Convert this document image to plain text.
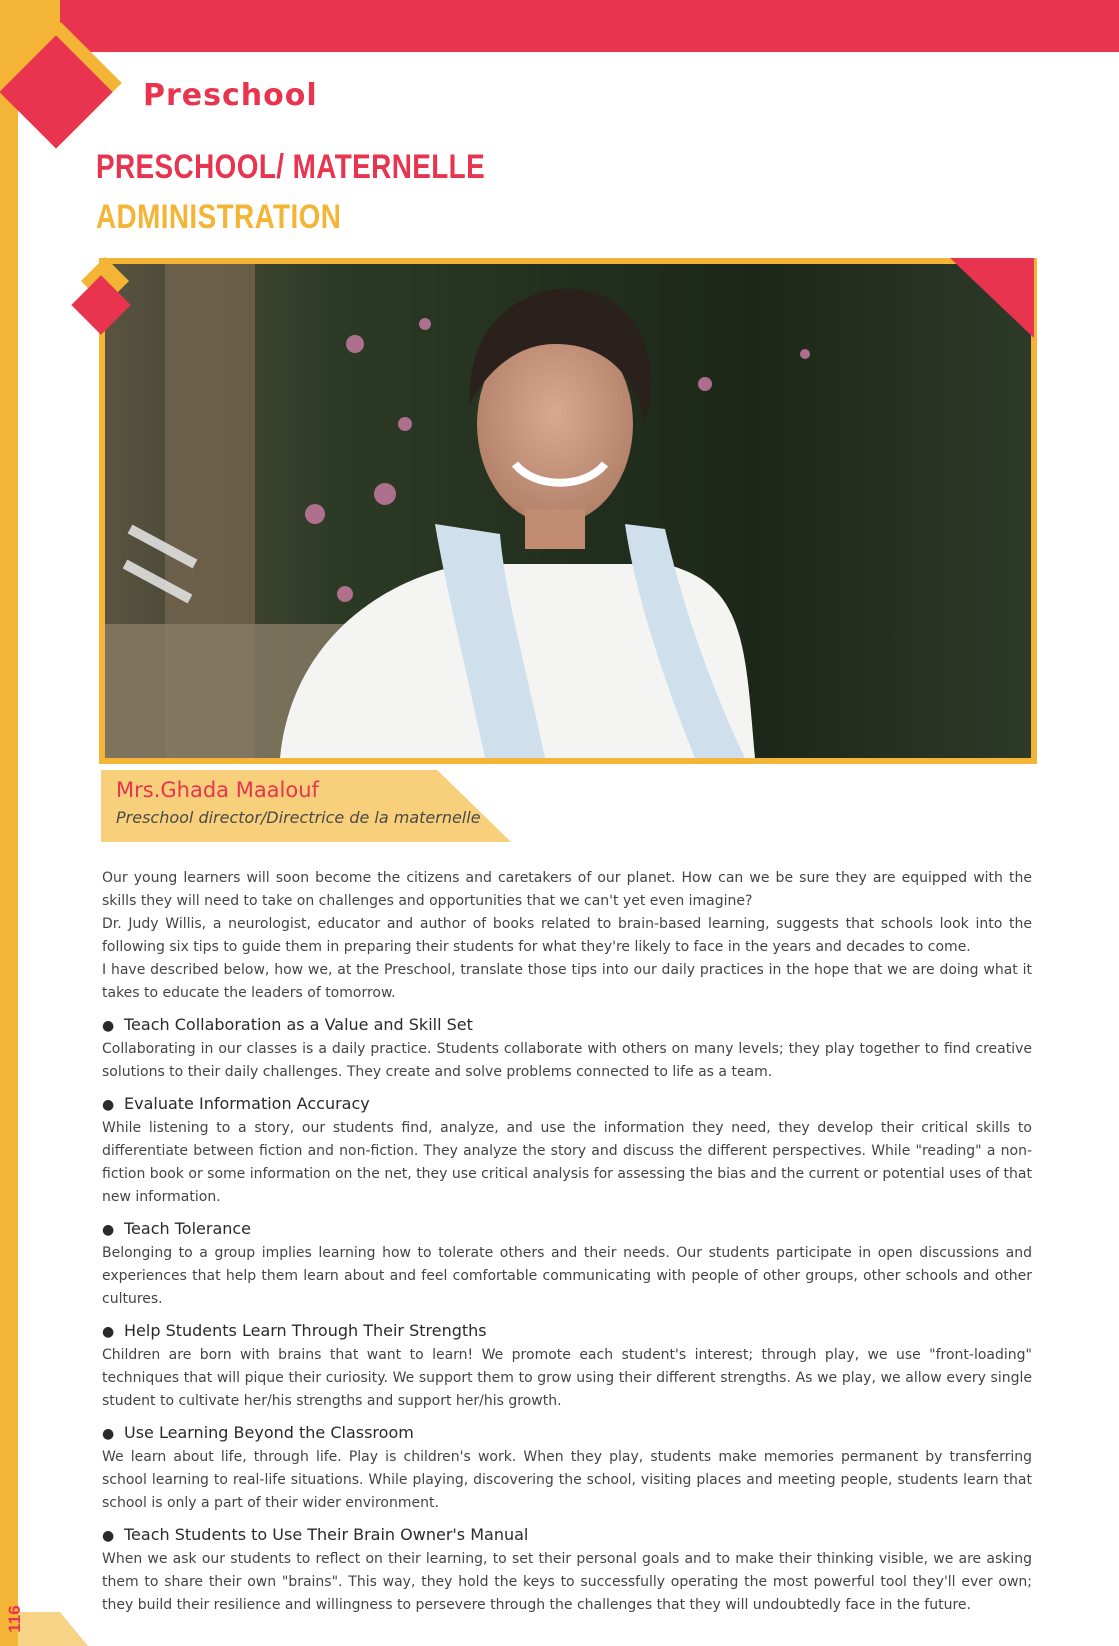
Preschool
PRESCHOOL/ MATERNELLE
ADMINISTRATION
Mrs.Ghada Maalouf
Preschool director/Directrice de la maternelle

Our young learners will soon become the citizens and caretakers of our planet. How can we be sure they are equipped with the skills they will need to take on challenges and opportunities that we can't yet even imagine?

Dr. Judy Willis, a neurologist, educator and author of books related to brain-based learning, suggests that schools look into the following six tips to guide them in preparing their students for what they're likely to face in the years and decades to come.

I have described below, how we, at the Preschool, translate those tips into our daily practices in the hope that we are doing what it takes to educate the leaders of tomorrow.

● Teach Collaboration as a Value and Skill Set

Collaborating in our classes is a daily practice. Students collaborate with others on many levels; they play together to find creative solutions to their daily challenges. They create and solve problems connected to life as a team.

● Evaluate Information Accuracy

While listening to a story, our students find, analyze, and use the information they need, they develop their critical skills to differentiate between fiction and non-fiction. They analyze the story and discuss the different perspectives. While "reading" a non-fiction book or some information on the net, they use critical analysis for assessing the bias and the current or potential uses of that new information.

● Teach Tolerance

Belonging to a group implies learning how to tolerate others and their needs. Our students participate in open discussions and experiences that help them learn about and feel comfortable communicating with people of other groups, other schools and other cultures.

● Help Students Learn Through Their Strengths

Children are born with brains that want to learn! We promote each student's interest; through play, we use "front-loading" techniques that will pique their curiosity. We support them to grow using their different strengths. As we play, we allow every single student to cultivate her/his strengths and support her/his growth.

● Use Learning Beyond the Classroom

We learn about life, through life. Play is children's work. When they play, students make memories permanent by transferring school learning to real-life situations. While playing, discovering the school, visiting places and meeting people, students learn that school is only a part of their wider environment.

● Teach Students to Use Their Brain Owner's Manual

When we ask our students to reflect on their learning, to set their personal goals and to make their thinking visible, we are asking them to share their own "brains". This way, they hold the keys to successfully operating the most powerful tool they'll ever own; they build their resilience and willingness to persevere through the challenges that they will undoubtedly face in the future.

116
